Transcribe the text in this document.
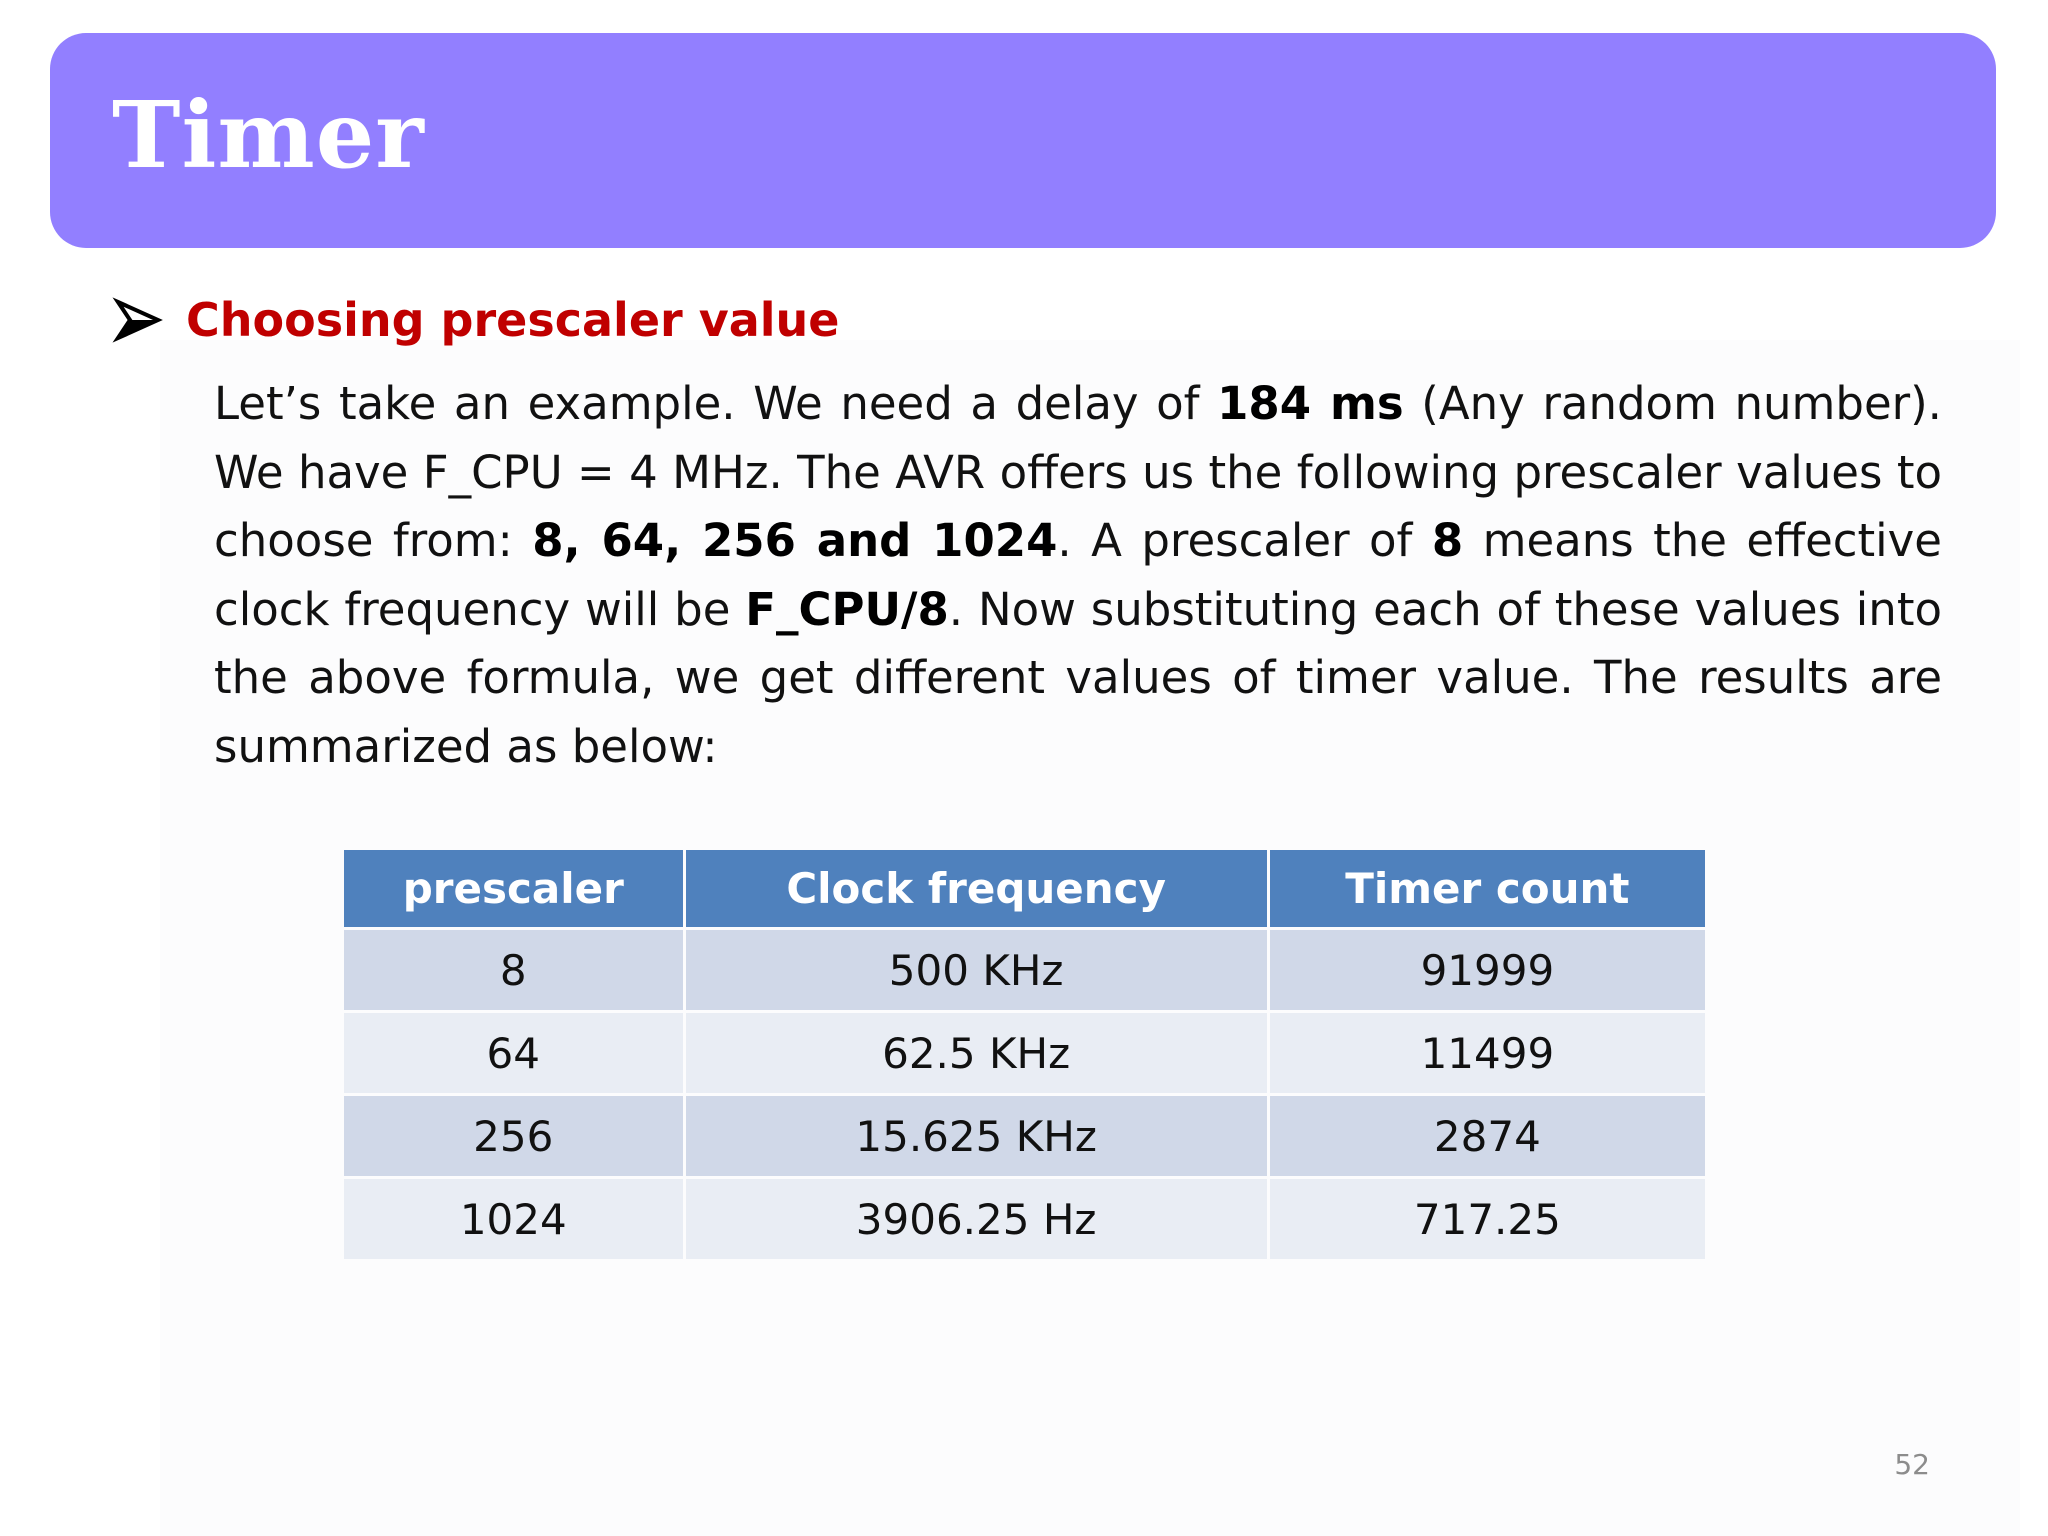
Timer
Choosing prescaler value

Let’s take an example. We need a delay of 184 ms (Any random number). We have F_CPU = 4 MHz. The AVR offers us the following prescaler values to choose from: 8, 64, 256 and 1024. A prescaler of 8 means the effective clock frequency will be F_CPU/8. Now substituting each of these values into the above formula, we get different values of timer value. The results are summarized as below:

prescaler	Clock frequency	Timer count
8	500 KHz	91999
64	62.5 KHz	11499
256	15.625 KHz	2874
1024	3906.25 Hz	717.25
52
